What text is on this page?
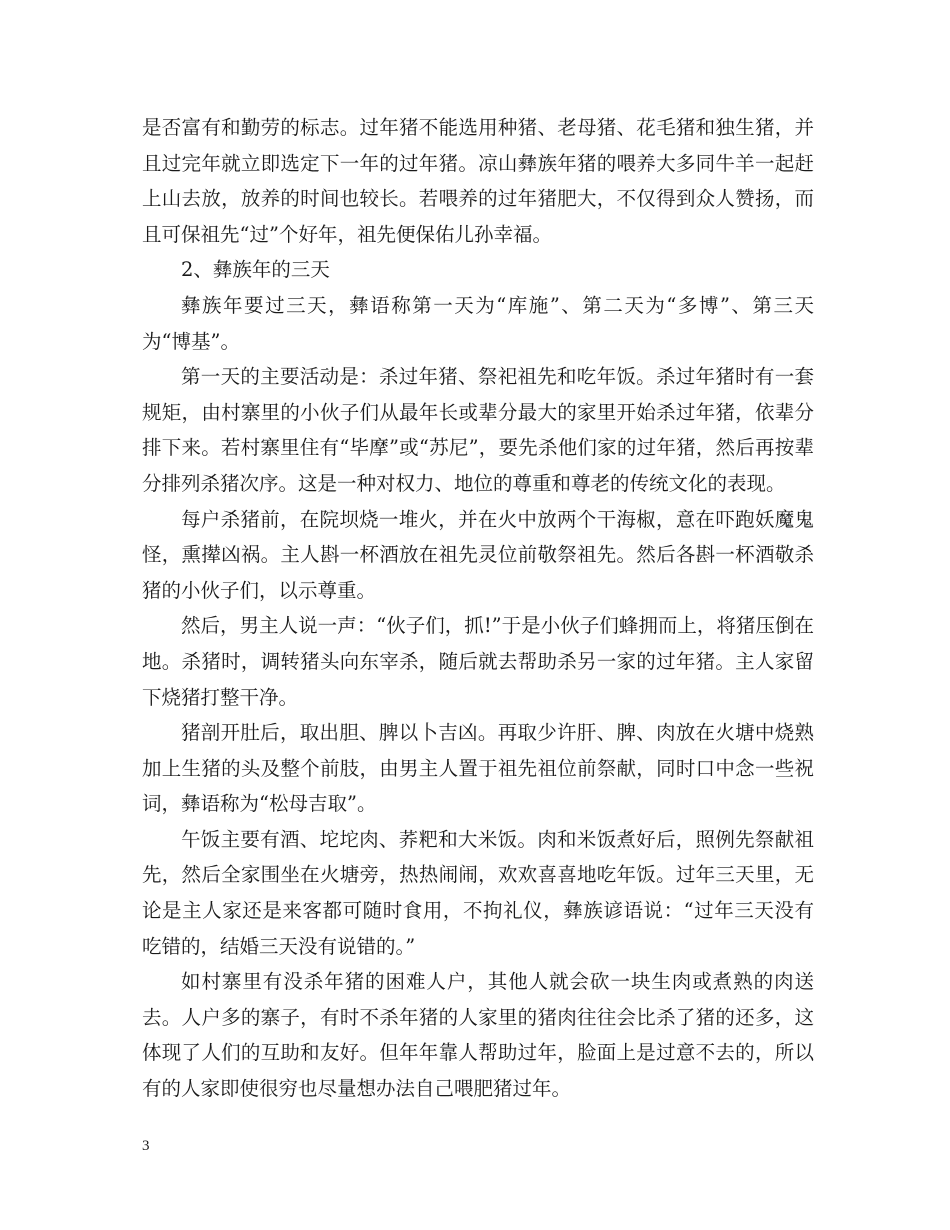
是否富有和勤劳的标志。过年猪不能选用种猪、老母猪、花毛猪和独生猪，并且过完年就立即选定下一年的过年猪。凉山彝族年猪的喂养大多同牛羊一起赶上山去放，放养的时间也较长。若喂养的过年猪肥大，不仅得到众人赞扬，而且可保祖先“过”个好年，祖先便保佑儿孙幸福。

2、彝族年的三天

彝族年要过三天，彝语称第一天为“库施”、第二天为“多博”、第三天为“博基”。

第一天的主要活动是：杀过年猪、祭祀祖先和吃年饭。杀过年猪时有一套规矩，由村寨里的小伙子们从最年长或辈分最大的家里开始杀过年猪，依辈分排下来。若村寨里住有“毕摩”或“苏尼”，要先杀他们家的过年猪，然后再按辈分排列杀猪次序。这是一种对权力、地位的尊重和尊老的传统文化的表现。

每户杀猪前，在院坝烧一堆火，并在火中放两个干海椒，意在吓跑妖魔鬼怪，熏撵凶祸。主人斟一杯酒放在祖先灵位前敬祭祖先。然后各斟一杯酒敬杀猪的小伙子们，以示尊重。

然后，男主人说一声：“伙子们，抓!”于是小伙子们蜂拥而上，将猪压倒在地。杀猪时，调转猪头向东宰杀，随后就去帮助杀另一家的过年猪。主人家留下烧猪打整干净。

猪剖开肚后，取出胆、脾以卜吉凶。再取少许肝、脾、肉放在火塘中烧熟加上生猪的头及整个前肢，由男主人置于祖先祖位前祭献，同时口中念一些祝词，彝语称为“松母吉取”。

午饭主要有酒、坨坨肉、荞粑和大米饭。肉和米饭煮好后，照例先祭献祖先，然后全家围坐在火塘旁，热热闹闹，欢欢喜喜地吃年饭。过年三天里，无论是主人家还是来客都可随时食用，不拘礼仪，彝族谚语说：“过年三天没有吃错的，结婚三天没有说错的。”

如村寨里有没杀年猪的困难人户，其他人就会砍一块生肉或煮熟的肉送去。人户多的寨子，有时不杀年猪的人家里的猪肉往往会比杀了猪的还多，这体现了人们的互助和友好。但年年靠人帮助过年，脸面上是过意不去的，所以有的人家即使很穷也尽量想办法自己喂肥猪过年。

3
